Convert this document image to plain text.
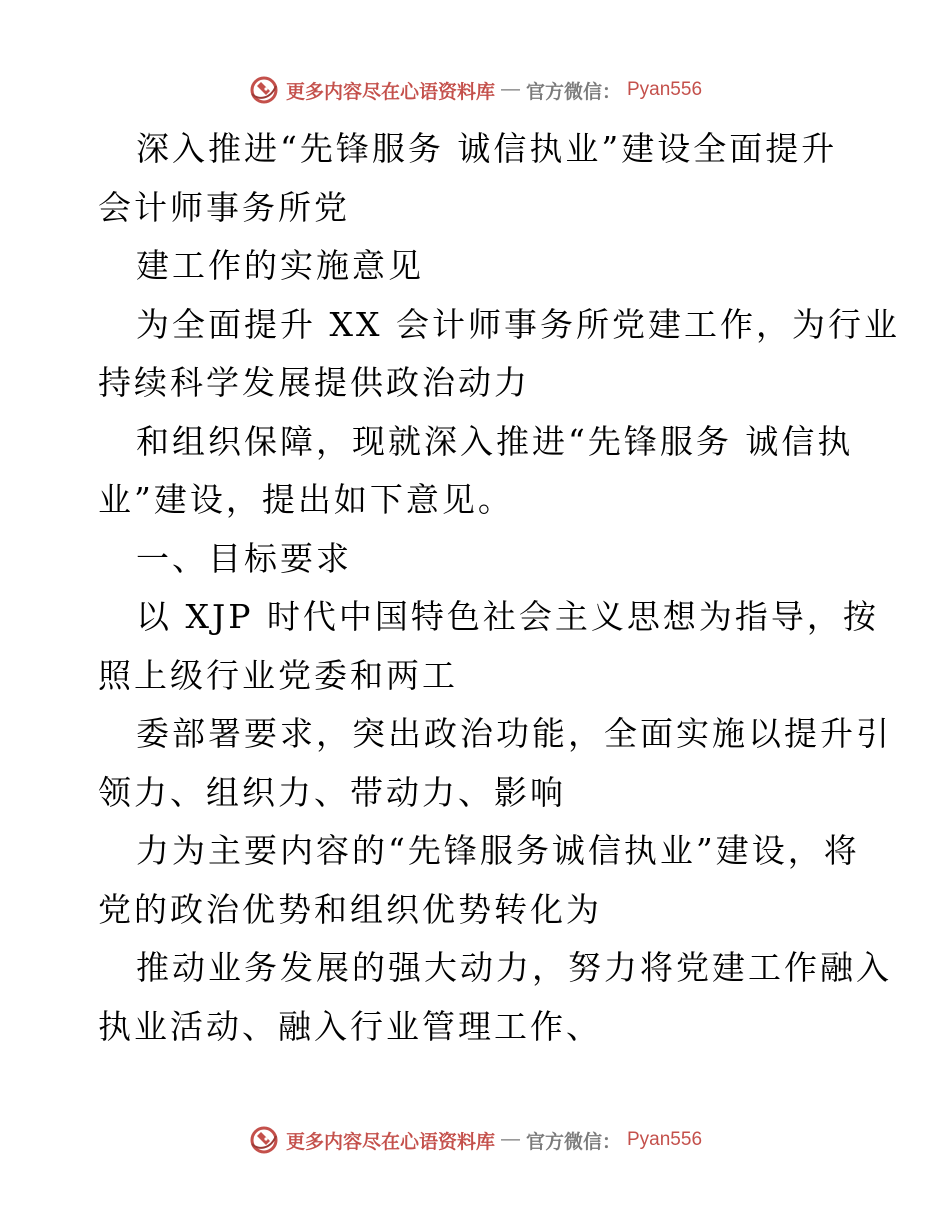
更多内容尽在心语资料库 — 官方微信： Pyan556
深入推进“先锋服务 诚信执业”建设全面提升
会计师事务所党
建工作的实施意见
为全面提升 XX 会计师事务所党建工作，为行业
持续科学发展提供政治动力
和组织保障，现就深入推进“先锋服务 诚信执
业”建设，提出如下意见。
一、目标要求
以 XJP 时代中国特色社会主义思想为指导，按
照上级行业党委和两工
委部署要求，突出政治功能，全面实施以提升引
领力、组织力、带动力、影响
力为主要内容的“先锋服务诚信执业”建设，将
党的政治优势和组织优势转化为
推动业务发展的强大动力，努力将党建工作融入
执业活动、融入行业管理工作、
更多内容尽在心语资料库 — 官方微信： Pyan556
